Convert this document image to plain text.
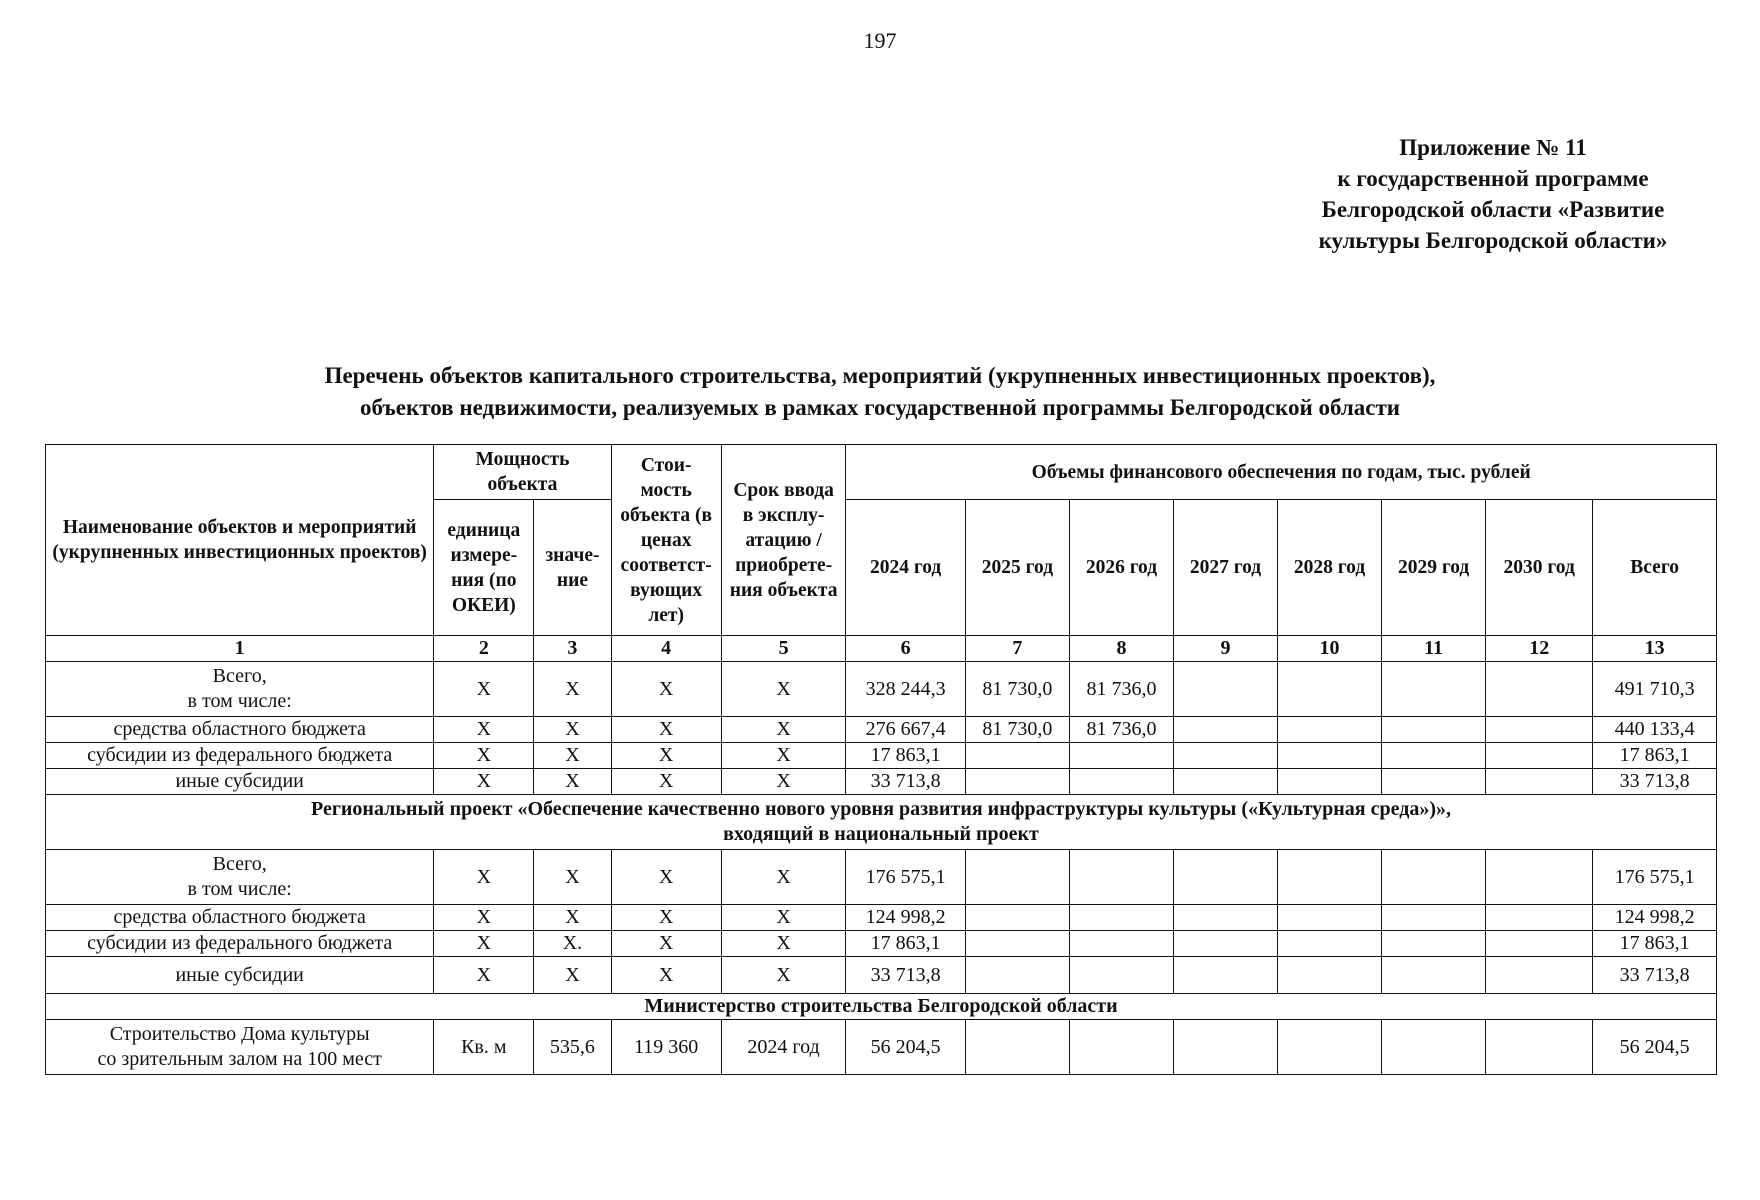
197
Приложение № 11
к государственной программе
Белгородской области «Развитие
культуры Белгородской области»
Перечень объектов капитального строительства, мероприятий (укрупненных инвестиционных проектов),
объектов недвижимости, реализуемых в рамках государственной программы Белгородской области
Наименование объектов и мероприятий (укрупненных инвестиционных проектов)	Мощность объекта		Стои-мость объекта (в ценах соответст-вующих лет)	Срок ввода в эксплу-атацию / приобрете-ния объекта	Объемы финансового обеспечения по годам, тыс. рублей							
	единица измере-ния (по ОКЕИ)	значе-ние			2024 год	2025 год	2026 год	2027 год	2028 год	2029 год	2030 год	Всего
1	2	3	4	5	6	7	8	9	10	11	12	13
Всего,
в том числе:	X	X	X	X	328 244,3	81 730,0	81 736,0					491 710,3
средства областного бюджета	X	X	X	X	276 667,4	81 730,0	81 736,0					440 133,4
субсидии из федерального бюджета	X	X	X	X	17 863,1							17 863,1
иные субсидии	X	X	X	X	33 713,8							33 713,8

Региональный проект «Обеспечение качественно нового уровня развития инфраструктуры культуры («Культурная среда»)»,
входящий в национальный проект												

Всего,
в том числе:	X	X	X	X	176 575,1							176 575,1
средства областного бюджета	X	X	X	X	124 998,2							124 998,2
субсидии из федерального бюджета	X	X.	X	X	17 863,1							17 863,1
иные субсидии	X	X	X	X	33 713,8							33 713,8

Министерство строительства Белгородской области												

Строительство Дома культуры
со зрительным залом на 100 мест	Кв. м	535,6	119 360	2024 год	56 204,5							56 204,5
